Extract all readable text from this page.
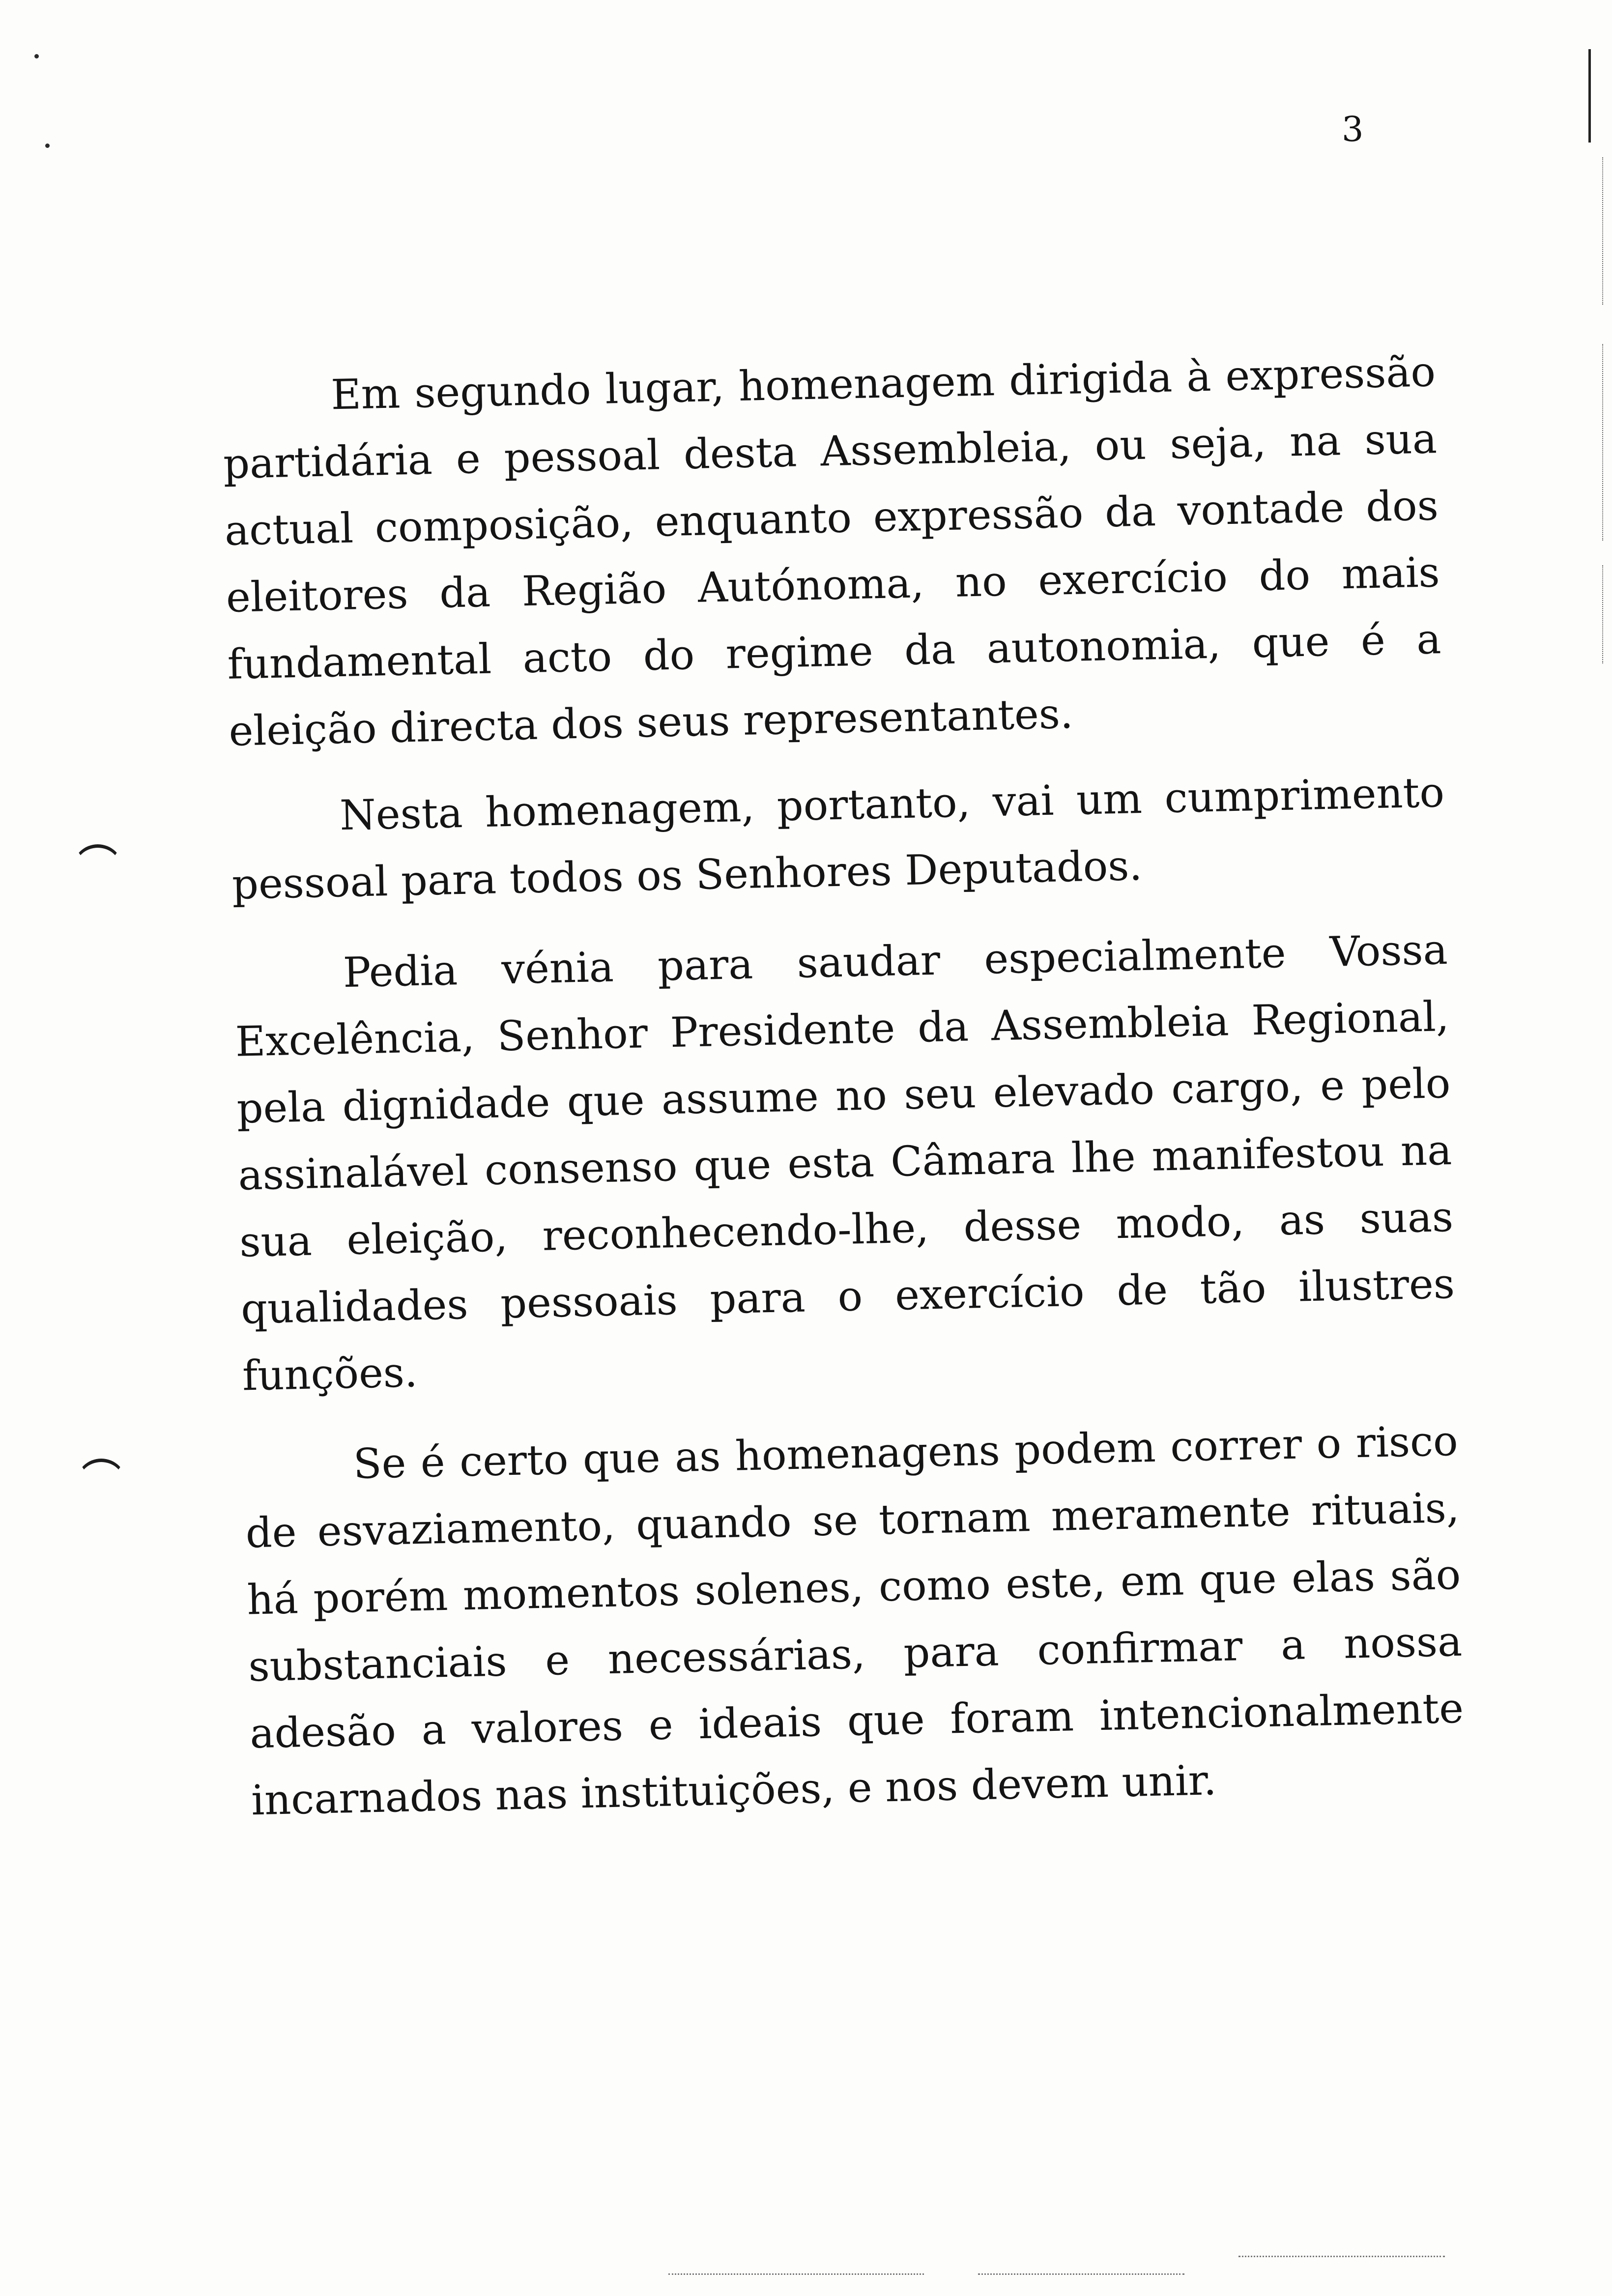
3

Em segundo lugar, homenagem dirigida à expressão partidária e pessoal desta Assembleia, ou seja, na sua actual composição, enquanto expressão da vontade dos eleitores da Região Autónoma, no exercício do mais fundamental acto do regime da autonomia, que é a eleição directa dos seus representantes.

Nesta homenagem, portanto, vai um cumprimento pessoal para todos os Senhores Deputados.

Pedia vénia para saudar especialmente Vossa Excelência, Senhor Presidente da Assembleia Regional, pela dignidade que assume no seu elevado cargo, e pelo assinalável consenso que esta Câmara lhe manifestou na sua eleição, reconhecendo-lhe, desse modo, as suas qualidades pessoais para o exercício de tão ilustres funções.

Se é certo que as homenagens podem correr o risco de esvaziamento, quando se tornam meramente rituais, há porém momentos solenes, como este, em que elas são substanciais e necessárias, para confirmar a nossa adesão a valores e ideais que foram intencionalmente incarnados nas instituições, e nos devem unir.
